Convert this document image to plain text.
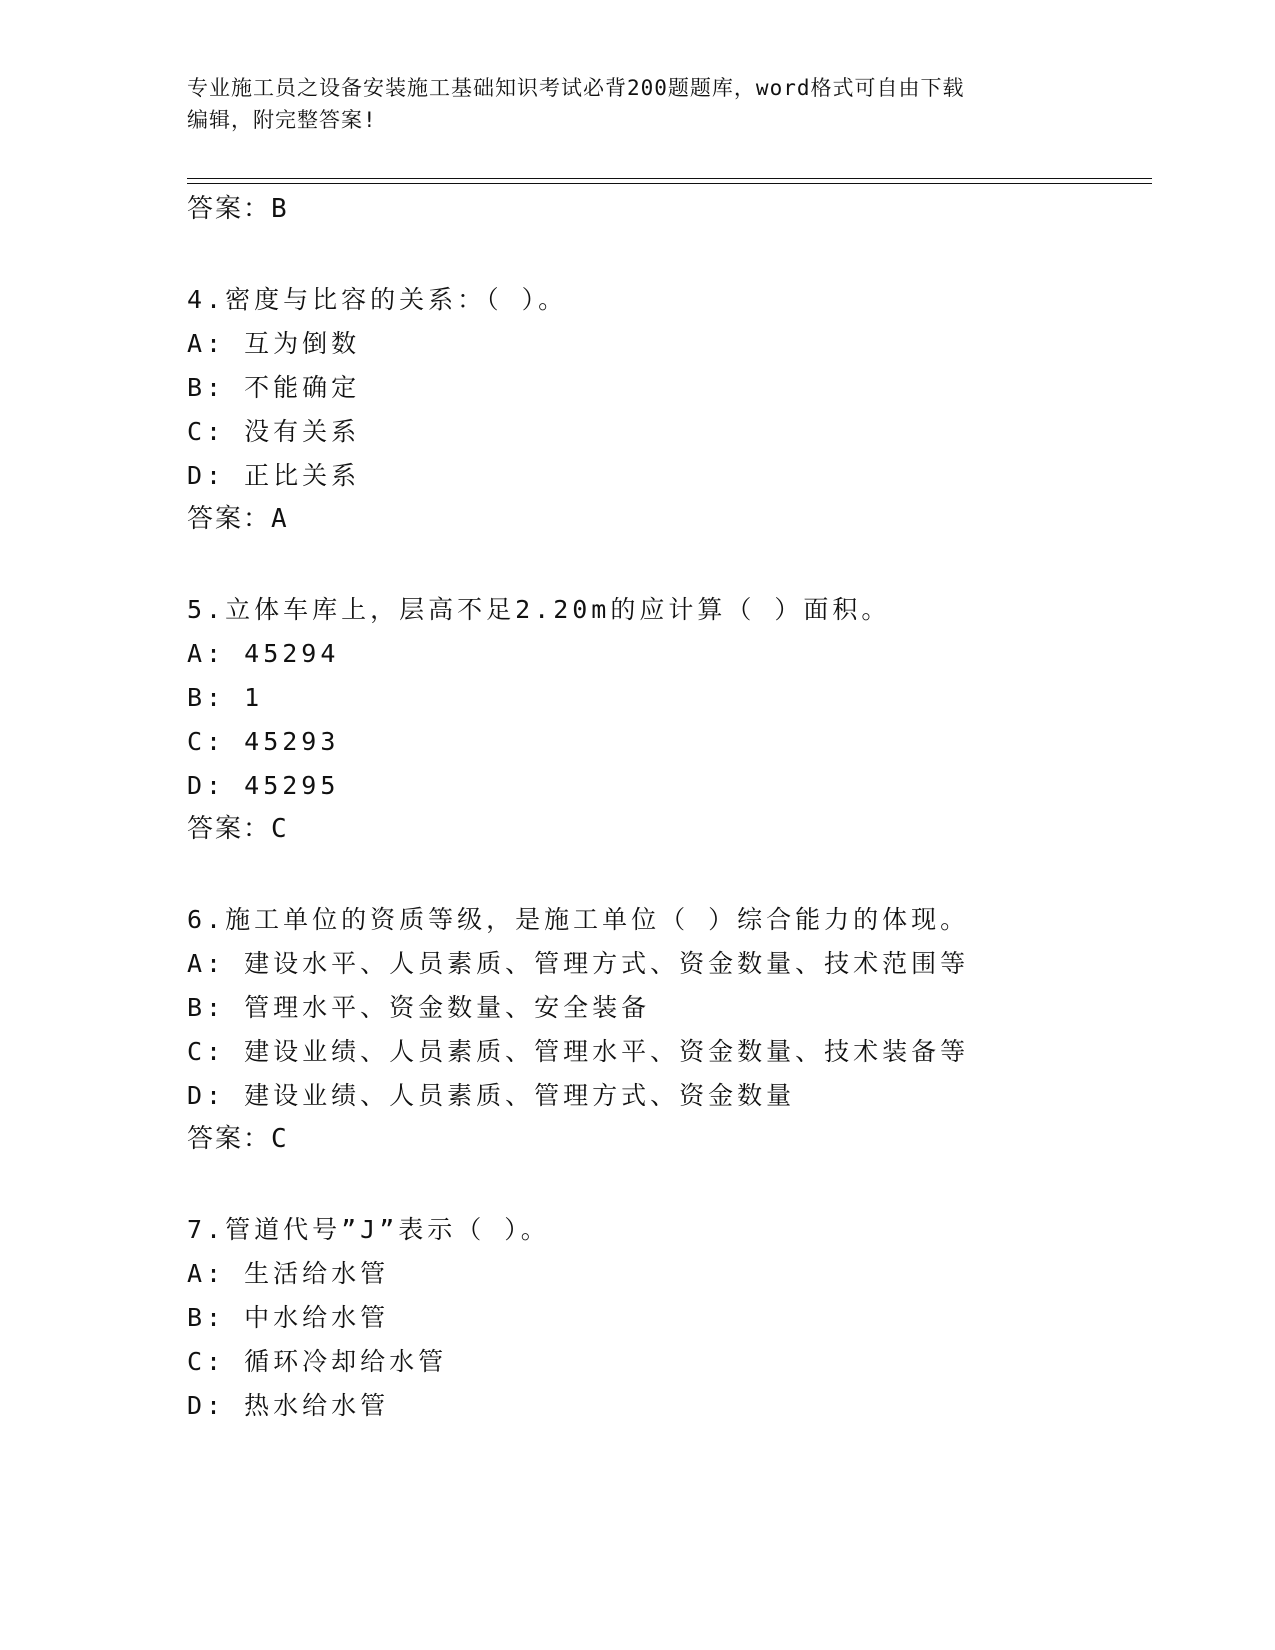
专业施工员之设备安装施工基础知识考试必背200题题库，word格式可自由下载
编辑，附完整答案!
答案：B
4.密度与比容的关系：（ ）。
A: 互为倒数
B: 不能确定
C: 没有关系
D: 正比关系
答案：A
5.立体车库上，层高不足2.20m的应计算（ ）面积。
A: 45294
B: 1
C: 45293
D: 45295
答案：C
6.施工单位的资质等级，是施工单位（ ）综合能力的体现。
A: 建设水平、人员素质、管理方式、资金数量、技术范围等
B: 管理水平、资金数量、安全装备
C: 建设业绩、人员素质、管理水平、资金数量、技术装备等
D: 建设业绩、人员素质、管理方式、资金数量
答案：C
7.管道代号”J”表示（ ）。
A: 生活给水管
B: 中水给水管
C: 循环冷却给水管
D: 热水给水管
